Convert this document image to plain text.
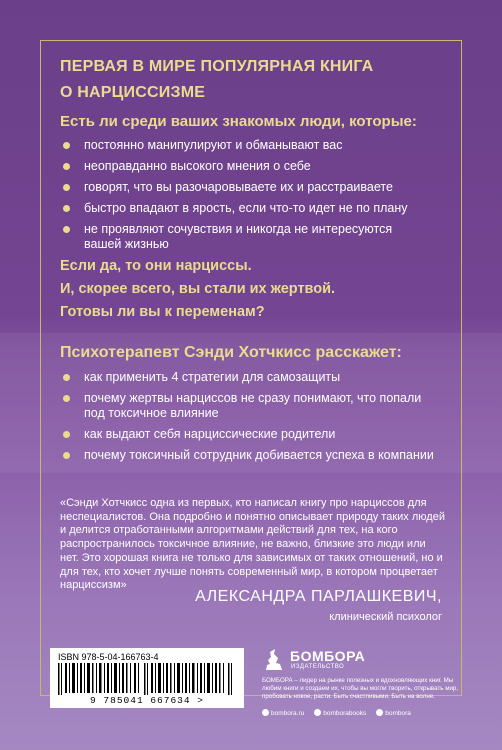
ПЕРВАЯ В МИРЕ ПОПУЛЯРНАЯ КНИГА
О НАРЦИССИЗМЕ
Есть ли среди ваших знакомых люди, которые:
постоянно манипулируют и обманывают вас
неоправданно высокого мнения о себе
говорят, что вы разочаровываете их и расстраиваете
быстро впадают в ярость, если что-то идет не по плану
не проявляют сочувствия и никогда не интересуются вашей жизнью
Если да, то они нарциссы.
И, скорее всего, вы стали их жертвой.
Готовы ли вы к переменам?
Психотерапевт Сэнди Хотчкисс расскажет:
как применить 4 стратегии для самозащиты
почему жертвы нарциссов не сразу понимают, что попали под токсичное влияние
как выдают себя нарциссические родители
почему токсичный сотрудник добивается успеха в компании
«Сэнди Хотчкисс одна из первых, кто написал книгу про нарциссов для неспециалистов. Она подробно и понятно описывает природу таких людей и делится отработанными алгоритмами действий для тех, на кого распространилось токсичное влияние, не важно, близкие это люди или нет. Это хорошая книга не только для зависимых от таких отношений, но и для тех, кто хочет лучше понять современный мир, в котором процветает нарциссизм»
АЛЕКСАНДРА ПАРЛАШКЕВИЧ,
клинический психолог
ISBN 978-5-04-166763-4
9 785041 667634 >
БОМБОРА
ИЗДАТЕЛЬСТВО
БОМБОРА – лидер на рынке полезных и вдохновляющих книг. Мы любим книги и создаем их, чтобы вы могли творить, открывать мир, пробовать новое, расти. Быть счастливыми. Быть на волне.
bombora.ru	bomborabooks	bombora
